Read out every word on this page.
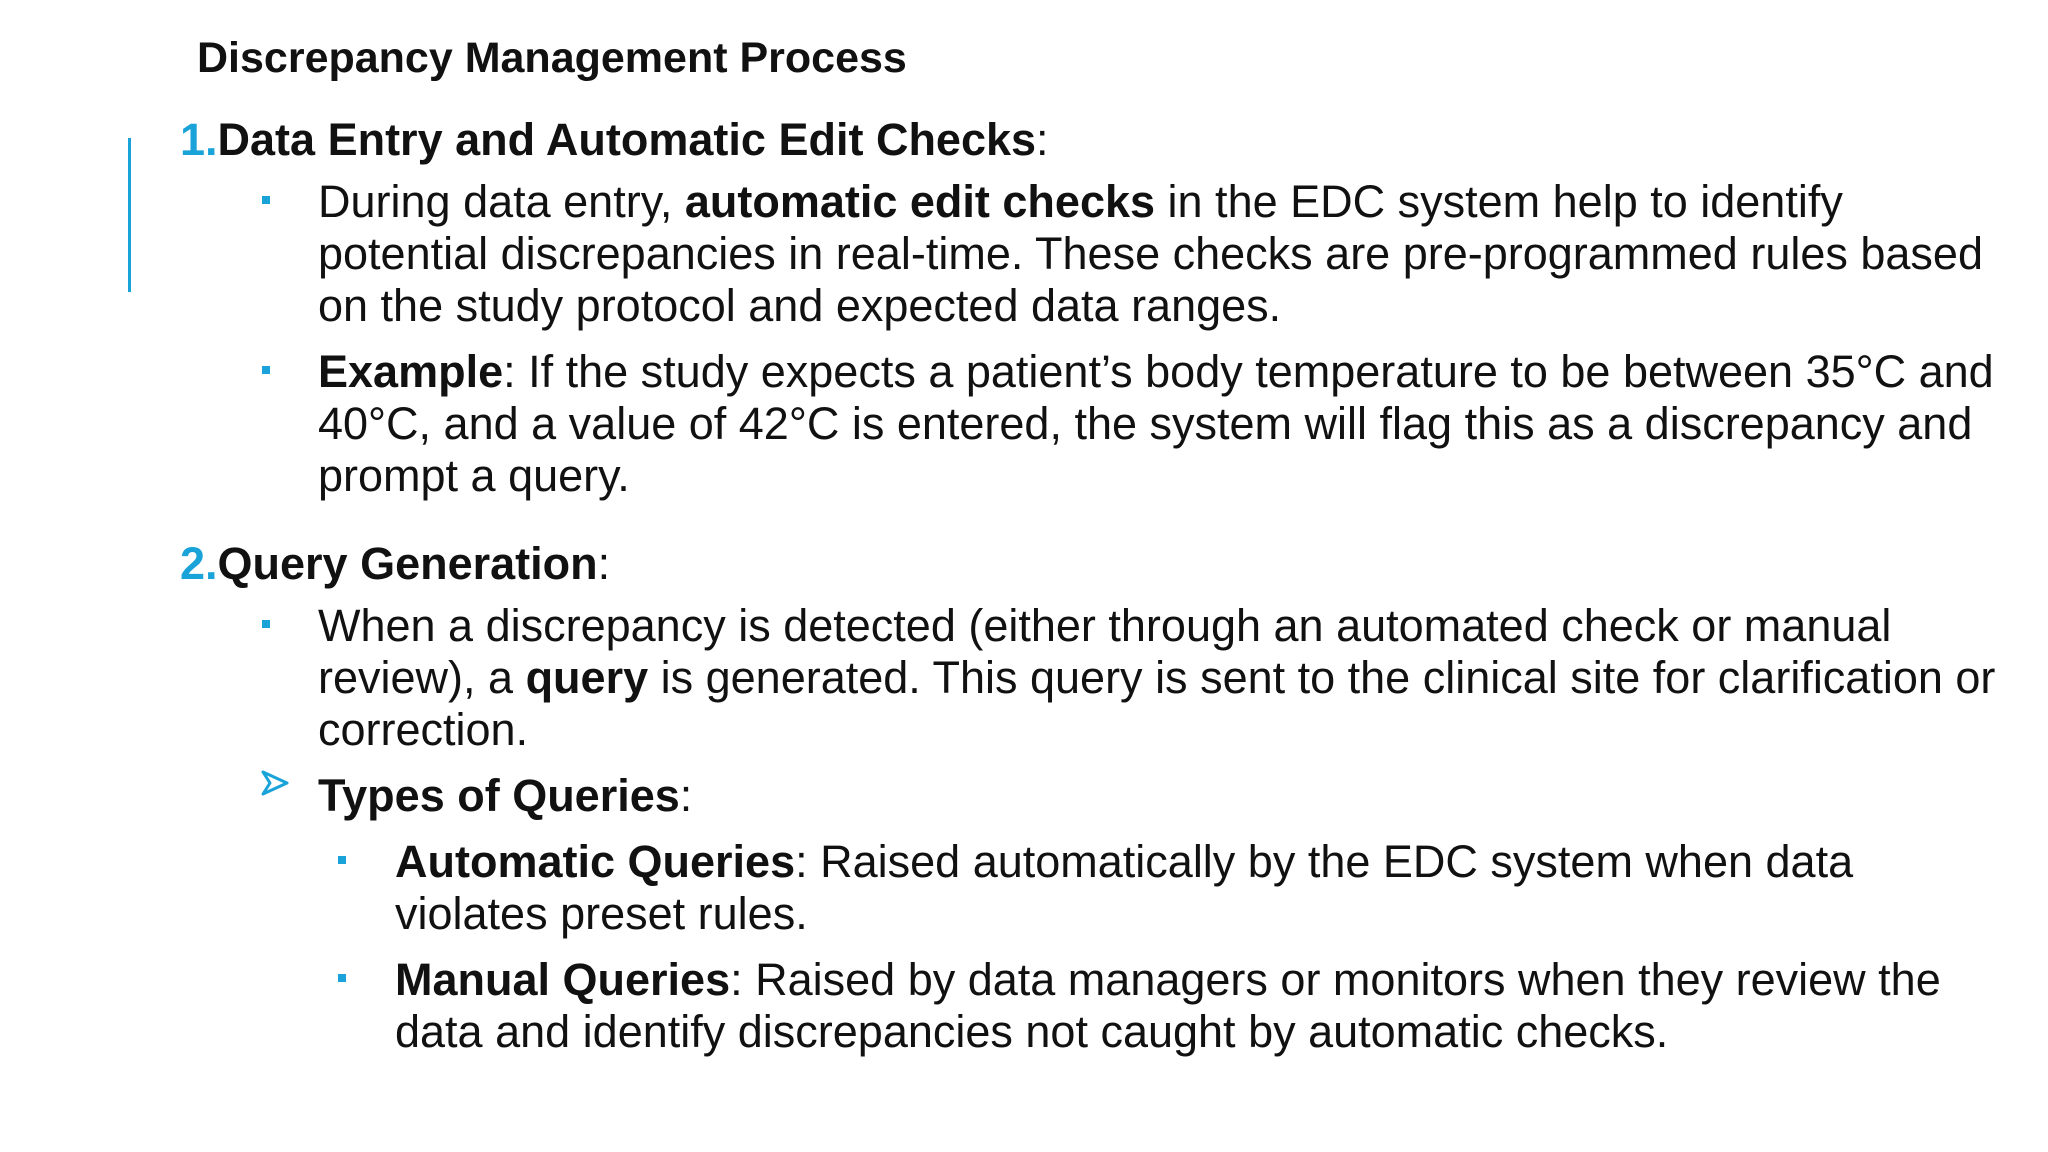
Discrepancy Management Process

1.Data Entry and Automatic Edit Checks:

During data entry, automatic edit checks in the EDC system help to identify potential discrepancies in real-time. These checks are pre-programmed rules based on the study protocol and expected data ranges.
Example: If the study expects a patient’s body temperature to be between 35°C and 40°C, and a value of 42°C is entered, the system will flag this as a discrepancy and prompt a query.

2.Query Generation:

When a discrepancy is detected (either through an automated check or manual review), a query is generated. This query is sent to the clinical site for clarification or correction.
Types of Queries:
Automatic Queries: Raised automatically by the EDC system when data violates preset rules.
Manual Queries: Raised by data managers or monitors when they review the data and identify discrepancies not caught by automatic checks.
